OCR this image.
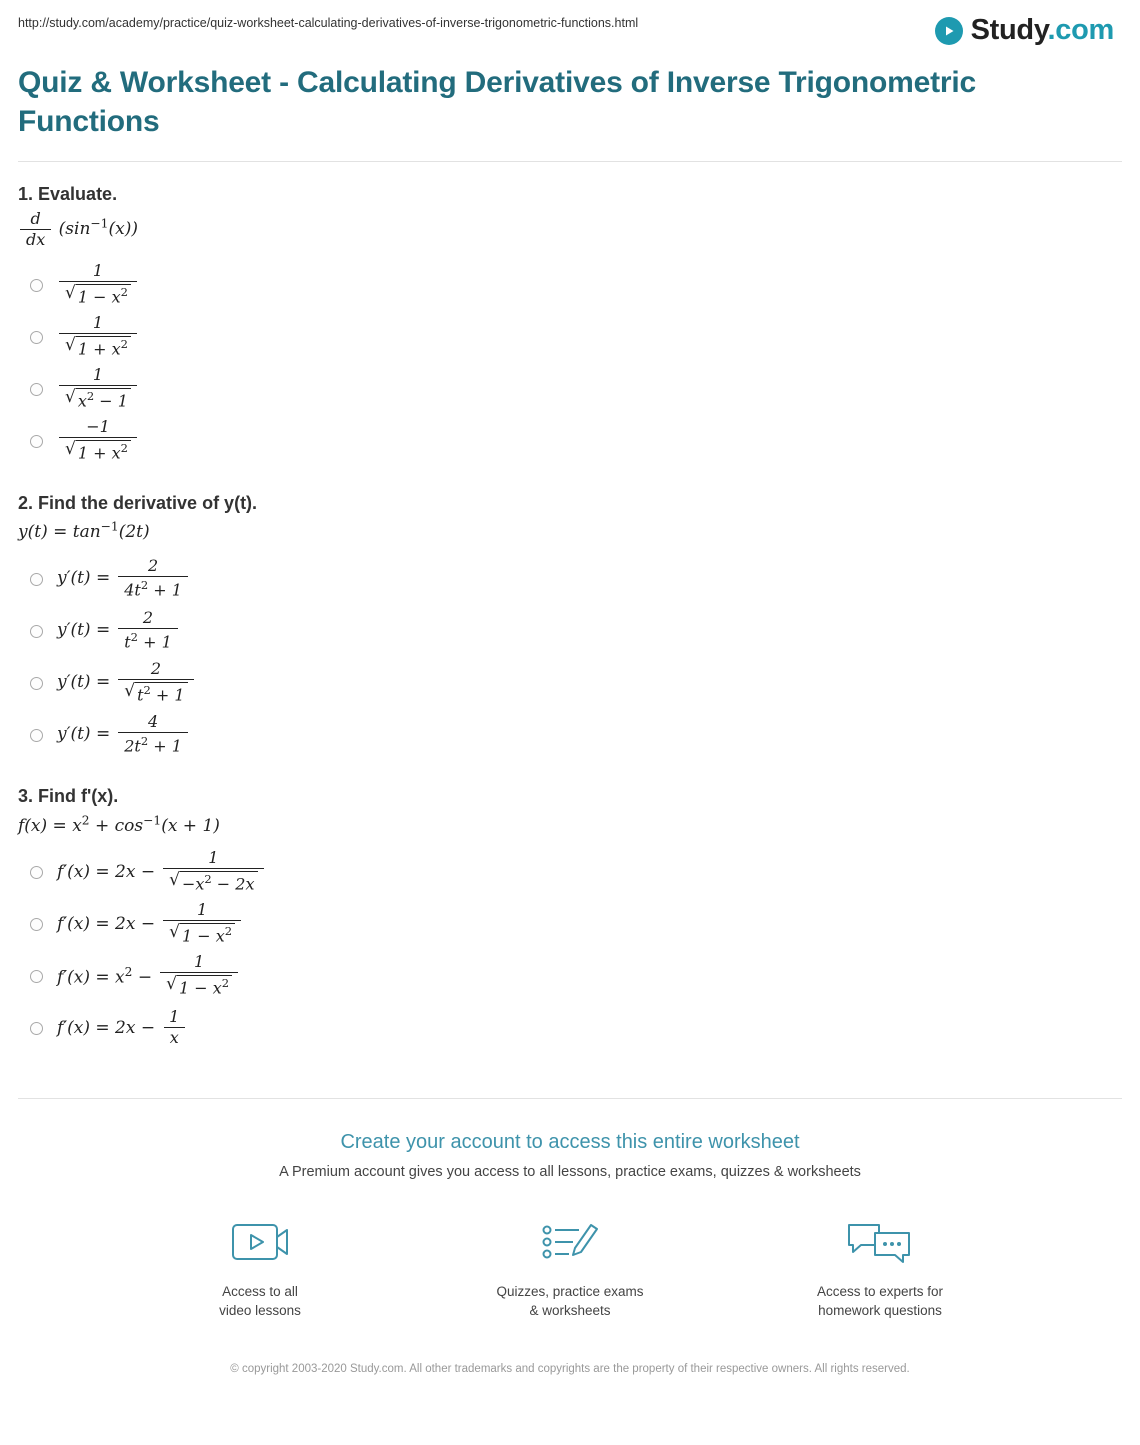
http://study.com/academy/practice/quiz-worksheet-calculating-derivatives-of-inverse-trigonometric-functions.html	Study.com
Quiz & Worksheet - Calculating Derivatives of Inverse Trigonometric Functions
1. Evaluate.
$\frac{d}{dx} (\sin^{-1}(x))$
$\frac{1}{√ 1 - x^2}$
$\frac{1}{√ 1 + x^2}$
$\frac{1}{√ x^2 - 1}$
$\frac{-1}{√ 1 + x^2}$
2. Find the derivative of y(t).
$y(t) = \tan^{-1}(2t)$
$y'(t) = \frac{2}{4t^2 + 1}$
$y'(t) = \frac{2}{t^2 + 1}$
$y'(t) = \frac{2}{√ t^2 + 1}$
$y'(t) = \frac{4}{2t^2 + 1}$
3. Find f'(x).
$f(x) = x^2 + \cos^{-1}(x + 1)$
$f'(x) = 2x - \frac{1}{√ -x^2 - 2x}$
$f'(x) = 2x - \frac{1}{√ 1 - x^2}$
$f'(x) = x^2 - \frac{1}{√ 1 - x^2}$
$f'(x) = 2x - \frac{1}{x}$
Create your account to access this entire worksheet
A Premium account gives you access to all lessons, practice exams, quizzes & worksheets
Access to all
video lessons
Quizzes, practice exams
& worksheets
Access to experts for
homework questions
© copyright 2003-2020 Study.com. All other trademarks and copyrights are the property of their respective owners. All rights reserved.
